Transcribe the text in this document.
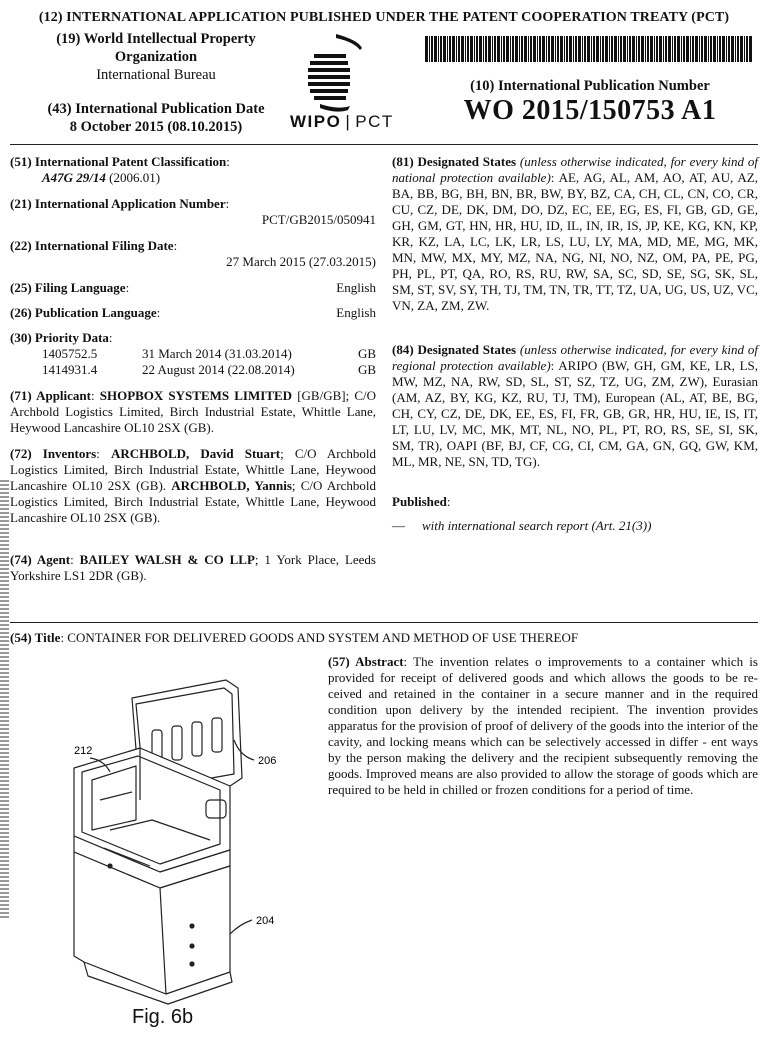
(12) INTERNATIONAL APPLICATION PUBLISHED UNDER THE PATENT COOPERATION TREATY (PCT)
(19) World Intellectual Property
Organization
International Bureau
(43) International Publication Date
8 October 2015 (08.10.2015)	WIPO | PCT
(10) International Publication Number
WO 2015/150753 A1
(51) International Patent Classification:
A47G 29/14 (2006.01)
(21) International Application Number:
PCT/GB2015/050941
(22) International Filing Date:
27 March 2015 (27.03.2015)
(25) Filing Language:	English
(26) Publication Language:	English
(30) Priority Data:
1405752.5	31 March 2014 (31.03.2014)	GB
1414931.4	22 August 2014 (22.08.2014)	GB
(71) Applicant: SHOPBOX SYSTEMS LIMITED [GB/GB]; C/O Archbold Logistics Limited, Birch Industrial Estate, Whittle Lane, Heywood Lancashire OL10 2SX (GB).
(72) Inventors: ARCHBOLD, David Stuart; C/O Archbold Logistics Limited, Birch Industrial Estate, Whittle Lane, Heywood Lancashire OL10 2SX (GB). ARCHBOLD, Yannis; C/O Archbold Logistics Limited, Birch Industrial Estate, Whittle Lane, Heywood Lancashire OL10 2SX (GB).
(74) Agent: BAILEY WALSH & CO LLP; 1 York Place, Leeds Yorkshire LS1 2DR (GB).
(81) Designated States (unless otherwise indicated, for every kind of national protection available): AE, AG, AL, AM, AO, AT, AU, AZ, BA, BB, BG, BH, BN, BR, BW, BY, BZ, CA, CH, CL, CN, CO, CR, CU, CZ, DE, DK, DM, DO, DZ, EC, EE, EG, ES, FI, GB, GD, GE, GH, GM, GT, HN, HR, HU, ID, IL, IN, IR, IS, JP, KE, KG, KN, KP, KR, KZ, LA, LC, LK, LR, LS, LU, LY, MA, MD, ME, MG, MK, MN, MW, MX, MY, MZ, NA, NG, NI, NO, NZ, OM, PA, PE, PG, PH, PL, PT, QA, RO, RS, RU, RW, SA, SC, SD, SE, SG, SK, SL, SM, ST, SV, SY, TH, TJ, TM, TN, TR, TT, TZ, UA, UG, US, UZ, VC, VN, ZA, ZM, ZW.
(84) Designated States (unless otherwise indicated, for every kind of regional protection available): ARIPO (BW, GH, GM, KE, LR, LS, MW, MZ, NA, RW, SD, SL, ST, SZ, TZ, UG, ZM, ZW), Eurasian (AM, AZ, BY, KG, KZ, RU, TJ, TM), European (AL, AT, BE, BG, CH, CY, CZ, DE, DK, EE, ES, FI, FR, GB, GR, HR, HU, IE, IS, IT, LT, LU, LV, MC, MK, MT, NL, NO, PL, PT, RO, RS, SE, SI, SK, SM, TR), OAPI (BF, BJ, CF, CG, CI, CM, GA, GN, GQ, GW, KM, ML, MR, NE, SN, TD, TG).
Published:
—	with international search report (Art. 21(3))
(54) Title: CONTAINER FOR DELIVERED GOODS AND SYSTEM AND METHOD OF USE THEREOF
(57) Abstract: The invention relates o improvements to a container which is provided for receipt of delivered goods and which allows the goods to be re- ceived and retained in the container in a secure manner and in the required condition upon delivery by the intended recipient. The invention provides apparatus for the provision of proof of delivery of the goods into the interior of the cavity, and locking means which can be selectively accessed in differ - ent ways by the person making the delivery and the recipient subsequently removing the goods. Improved means are also provided to allow the storage of goods which are required to be held in chilled or frozen conditions for a period of time.
212
206
204
Fig. 6b
